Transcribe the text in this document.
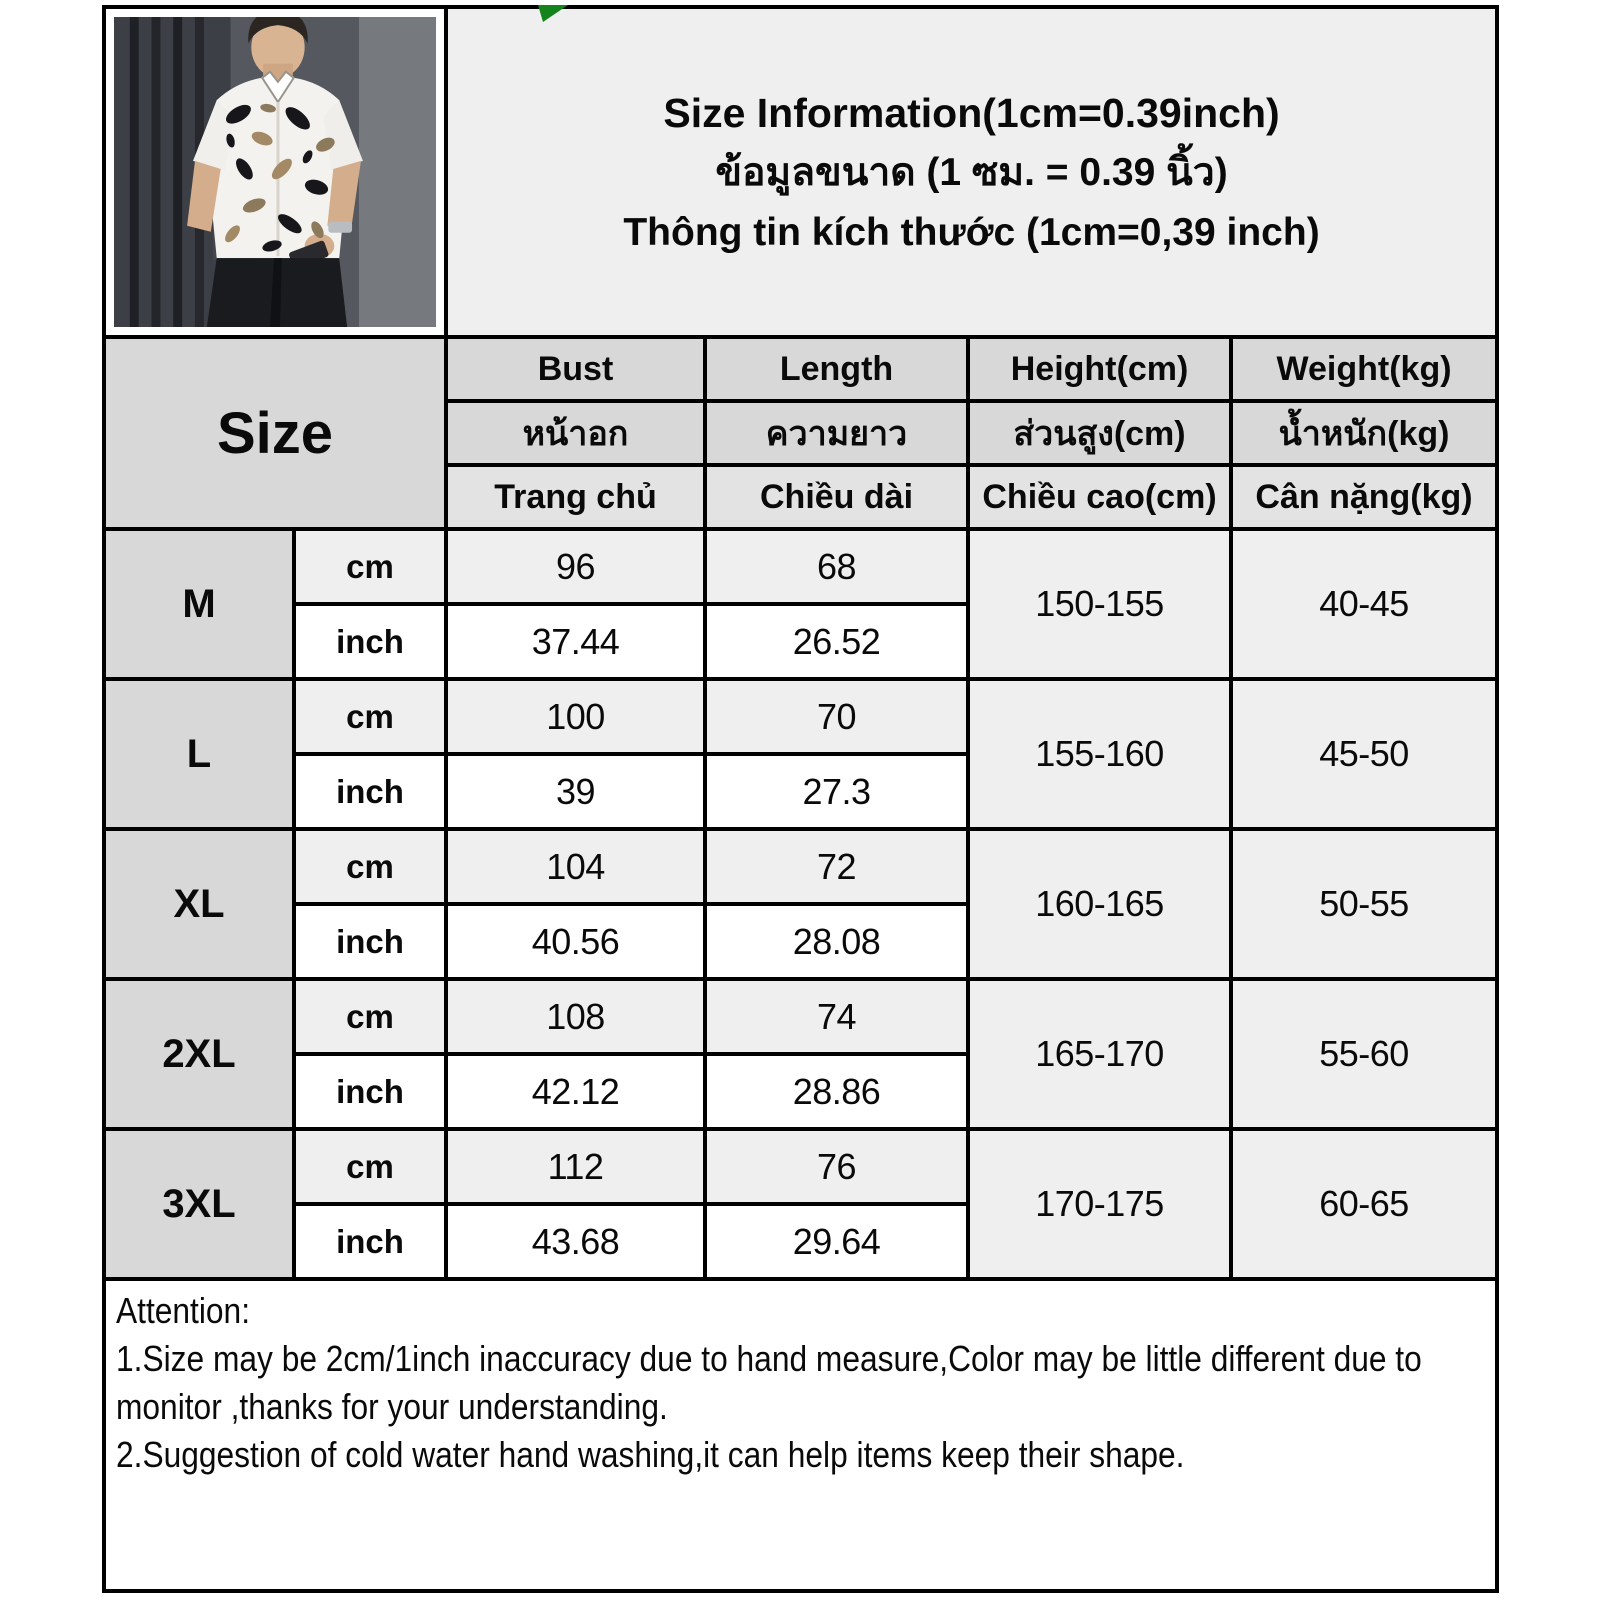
Size Information(1cm=0.39inch)

ข้อมูลขนาด (1 ซม. = 0.39 นิ้ว)

Thông tin kích thước (1cm=0,39 inch)			

Size		Bust	Length	Height(cm)	Weight(kg)
		หน้าอก	ความยาว	ส่วนสูง(cm)	น้ำหนัก(kg)
		Trang chủ	Chiều dài	Chiều cao(cm)	Cân nặng(kg)
M	cm	96	68	150-155	40-45
	inch	37.44	26.52		
L	cm	100	70	155-160	45-50
	inch	39	27.3		
XL	cm	104	72	160-165	50-55
	inch	40.56	28.08		
2XL	cm	108	74	165-170	55-60
	inch	42.12	28.86		
3XL	cm	112	76	170-175	60-65
	inch	43.68	29.64		

Attention:

1.Size may be 2cm/1inch inaccuracy due to hand measure,Color may be little different due to monitor ,thanks for your understanding.

2.Suggestion of cold water hand washing,it can help items keep their shape.					
